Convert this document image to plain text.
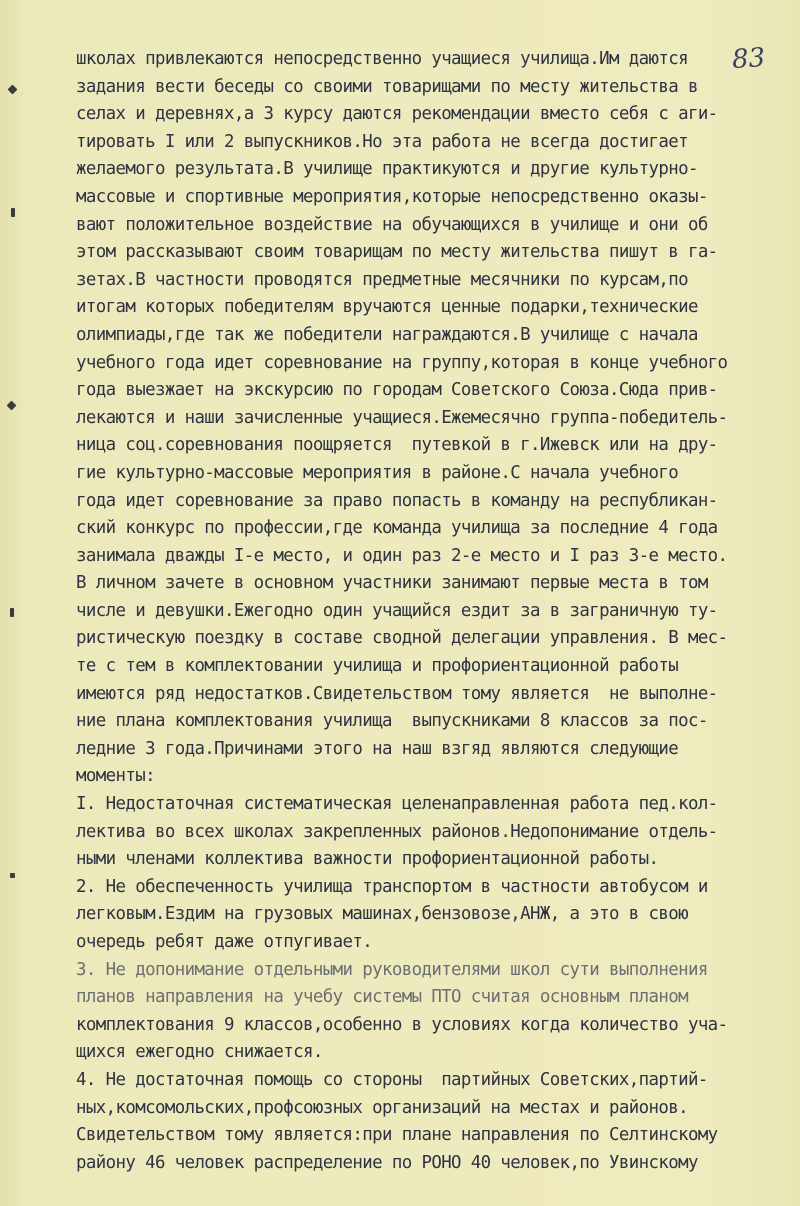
83
школах привлекаются непосредственно учащиеся училища.Им даются
задания вести беседы со своими товарищами по месту жительства в
селах и деревнях,а 3 курсу даются рекомендации вместо себя с аги-
тировать I или 2 выпускников.Но эта работа не всегда достигает
желаемого результата.В училище практикуются и другие культурно-
массовые и спортивные мероприятия,которые непосредственно оказы-
вают положительное воздействие на обучающихся в училище и они об
этом рассказывают своим товарищам по месту жительства пишут в га-
зетах.В частности проводятся предметные месячники по курсам,по
итогам которых победителям вручаются ценные подарки,технические
олимпиады,где так же победители награждаются.В училище с начала
учебного года идет соревнование на группу,которая в конце учебного
года выезжает на экскурсию по городам Советского Союза.Сюда прив-
лекаются и наши зачисленные учащиеся.Ежемесячно группа-победитель-
ница соц.соревнования поощряется  путевкой в г.Ижевск или на дру-
гие культурно-массовые мероприятия в районе.С начала учебного
года идет соревнование за право попасть в команду на республикан-
ский конкурс по профессии,где команда училища за последние 4 года
занимала дважды I-е место, и один раз 2-е место и I раз 3-е место.
В личном зачете в основном участники занимают первые места в том
числе и девушки.Ежегодно один учащийся ездит за в заграничную ту-
ристическую поездку в составе сводной делегации управления. В мес-
те с тем в комплектовании училища и профориентационной работы
имеются ряд недостатков.Свидетельством тому является  не выполне-
ние плана комплектования училища  выпускниками 8 классов за пос-
ледние 3 года.Причинами этого на наш взгяд являются следующие
моменты:
I. Недостаточная систематическая целенаправленная работа пед.кол-
лектива во всех школах закрепленных районов.Недопонимание отдель-
ными членами коллектива важности профориентационной работы.
2. Не обеспеченность училища транспортом в частности автобусом и
легковым.Ездим на грузовых машинах,бензовозе,АНЖ, а это в свою
очередь ребят даже отпугивает.
3. Не допонимание отдельными руководителями школ сути выполнения
планов направления на учебу системы ПТО считая основным планом
комплектования 9 классов,особенно в условиях когда количество уча-
щихся ежегодно снижается.
4. Не достаточная помощь со стороны  партийных Советских,партий-
ных,комсомольских,профсоюзных организаций на местах и районов.
Свидетельством тому является:при плане направления по Селтинскому
району 46 человек распределение по РОНО 40 человек,по Увинскому
